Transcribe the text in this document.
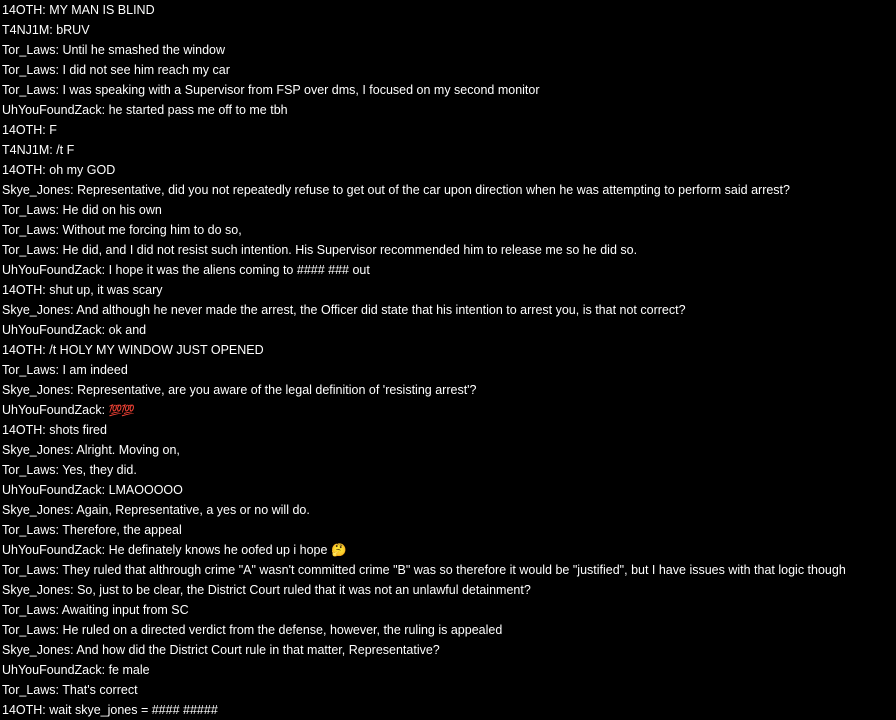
14OTH: MY MAN IS BLIND
T4NJ1M: bRUV
Tor_Laws: Until he smashed the window
Tor_Laws: I did not see him reach my car
Tor_Laws: I was speaking with a Supervisor from FSP over dms, I focused on my second monitor
UhYouFoundZack: he started pass me off to me tbh
14OTH: F
T4NJ1M: /t F
14OTH: oh my GOD
Skye_Jones: Representative, did you not repeatedly refuse to get out of the car upon direction when he was attempting to perform said arrest?
Tor_Laws: He did on his own
Tor_Laws: Without me forcing him to do so,
Tor_Laws: He did, and I did not resist such intention. His Supervisor recommended him to release me so he did so.
UhYouFoundZack: I hope it was the aliens coming to #### ### out
14OTH: shut up, it was scary
Skye_Jones: And although he never made the arrest, the Officer did state that his intention to arrest you, is that not correct?
UhYouFoundZack: ok and
14OTH: /t HOLY MY WINDOW JUST OPENED
Tor_Laws: I am indeed
Skye_Jones: Representative, are you aware of the legal definition of 'resisting arrest'?
UhYouFoundZack: 💯💯
14OTH: shots fired
Skye_Jones: Alright. Moving on,
Tor_Laws: Yes, they did.
UhYouFoundZack: LMAOOOOO
Skye_Jones: Again, Representative, a yes or no will do.
Tor_Laws: Therefore, the appeal
UhYouFoundZack: He definately knows he oofed up i hope 🤔
Tor_Laws: They ruled that althrough crime "A" wasn't committed crime "B" was so therefore it would be "justified", but I have issues with that logic though
Skye_Jones: So, just to be clear, the District Court ruled that it was not an unlawful detainment?
Tor_Laws: Awaiting input from SC
Tor_Laws: He ruled on a directed verdict from the defense, however, the ruling is appealed
Skye_Jones: And how did the District Court rule in that matter, Representative?
UhYouFoundZack: fe male
Tor_Laws: That's correct
14OTH: wait skye_jones = #### #####
